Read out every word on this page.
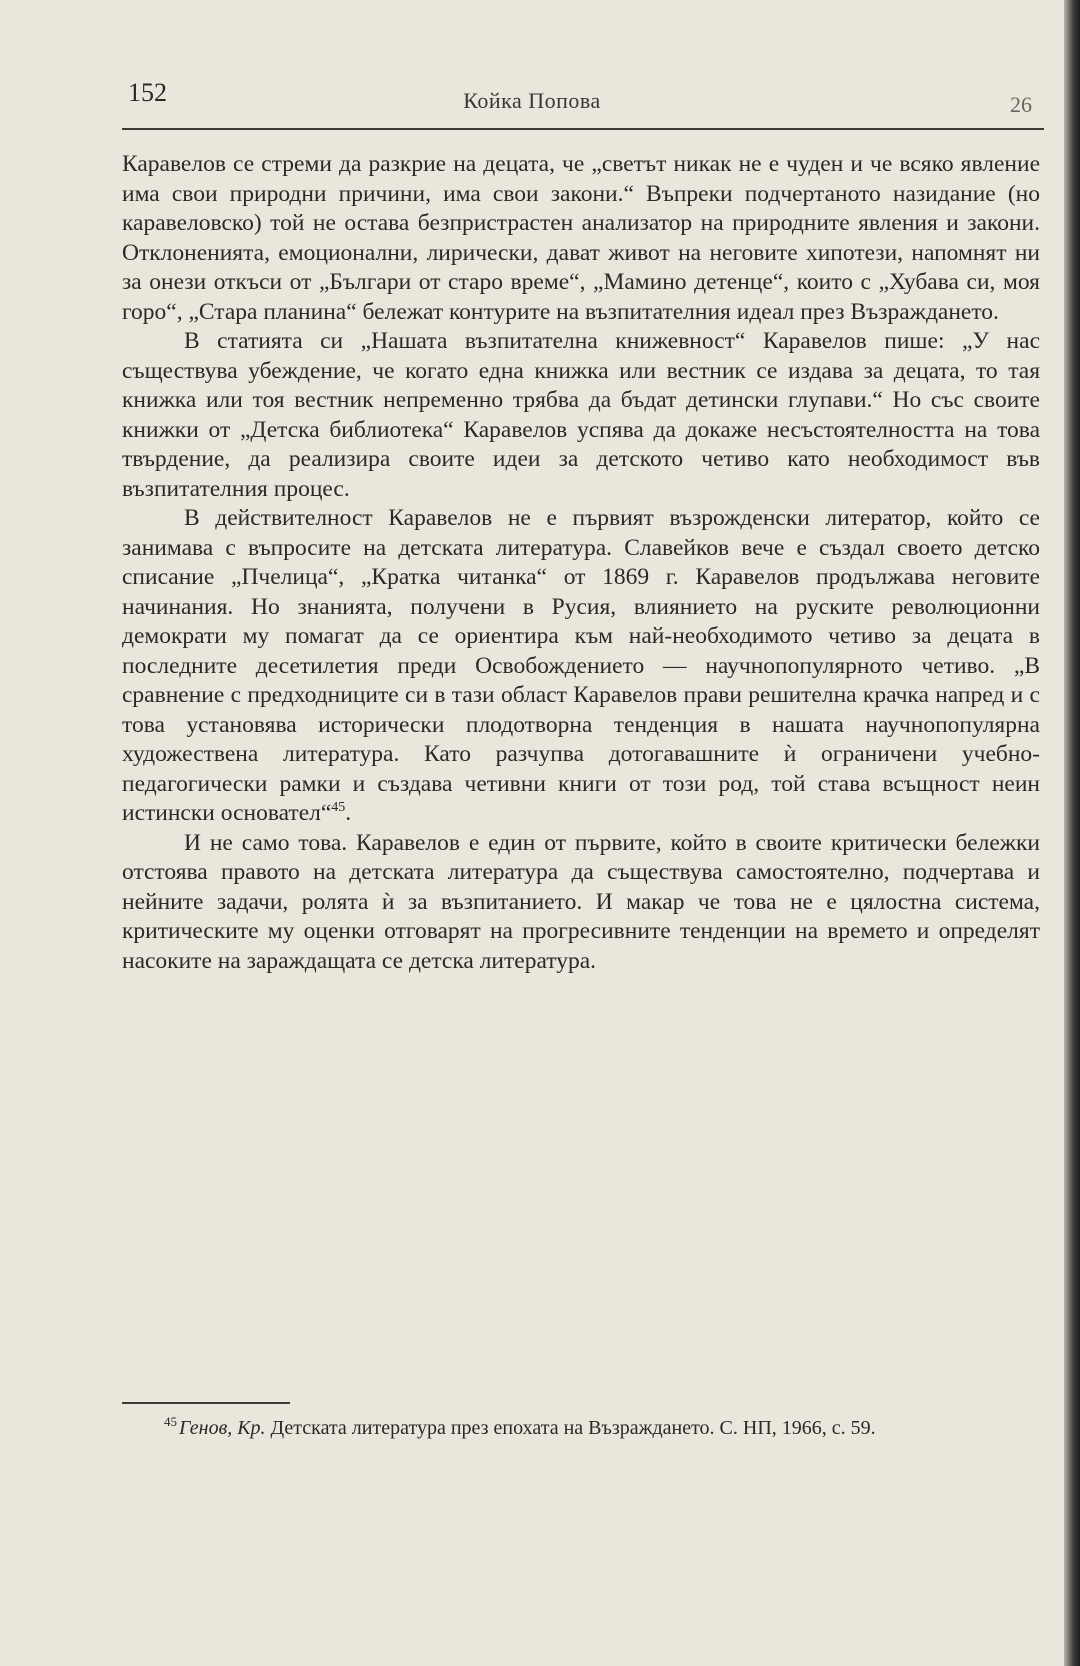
152	Койка Попова	26

Каравелов се стреми да разкрие на децата, че „светът никак не е чуден и че всяко явление има свои природни причини, има свои закони.“ Въпреки подчертаното назидание (но каравеловско) той не остава безпристрастен анализатор на природните явления и закони. Отклоненията, емоционални, лирически, дават живот на неговите хипотези, напомнят ни за онези откъси от „Българи от старо време“, „Мамино детенце“, които с „Хубава си, моя горо“, „Стара планина“ бележат контурите на възпитателния идеал през Възраждането.

В статията си „Нашата възпитателна книжевност“ Каравелов пише: „У нас съществува убеждение, че когато една книжка или вестник се издава за децата, то тая книжка или тоя вестник непременно трябва да бъдат детински глупави.“ Но със своите книжки от „Детска библиотека“ Каравелов успява да докаже несъстоятелността на това твърдение, да реализира своите идеи за детското четиво като необходимост във възпитателния процес.

В действителност Каравелов не е първият възрожденски литератор, който се занимава с въпросите на детската литература. Славейков вече е създал своето детско списание „Пчелица“, „Кратка читанка“ от 1869 г. Каравелов продължава неговите начинания. Но знанията, получени в Русия, влиянието на руските революционни демократи му помагат да се ориентира към най-необходимото четиво за децата в последните десетилетия преди Освобождението — научнопопулярното четиво. „В сравнение с предходниците си в тази област Каравелов прави решителна крачка напред и с това установява исторически плодотворна тенденция в нашата научнопопулярна художествена литература. Като разчупва дотогавашните ѝ ограничени учебно-педагогически рамки и създава четивни книги от този род, той става всъщност неин истински основател“$^{45}$.

И не само това. Каравелов е един от първите, който в своите критически бележки отстоява правото на детската литература да съществува самостоятелно, подчертава и нейните задачи, ролята ѝ за възпитанието. И макар че това не е цялостна система, критическите му оценки отговарят на прогресивните тенденции на времето и определят насоките на зараждащата се детска литература.

$^{45}$ Генов, Кр. Детската литература през епохата на Възраждането. С. НП, 1966, с. 59.
